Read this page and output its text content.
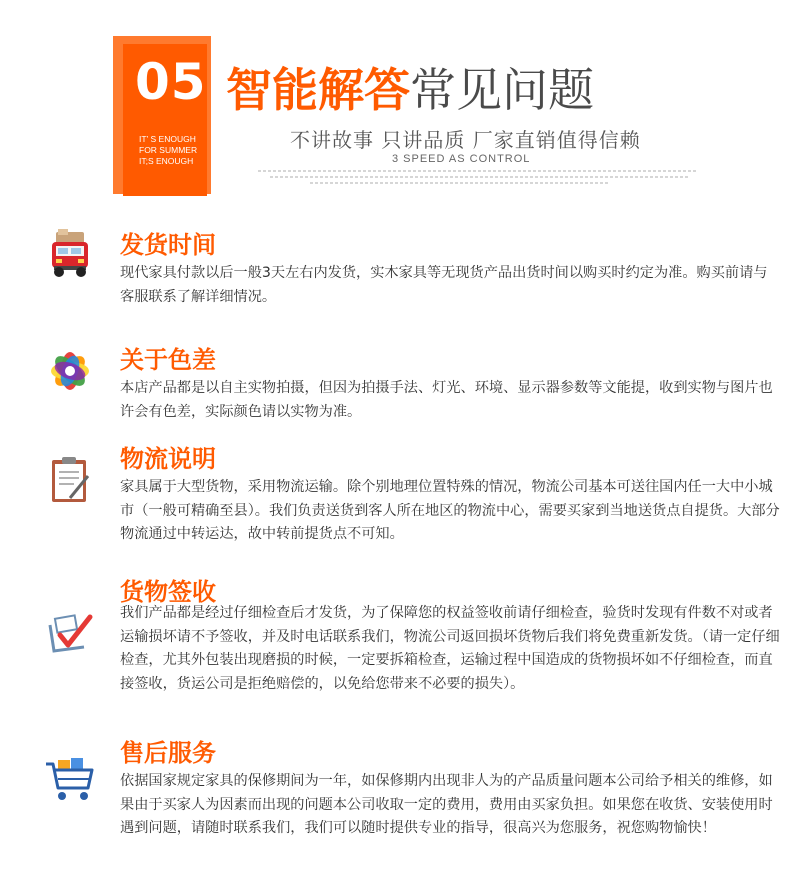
05
IT’ S ENOUGH
FOR SUMMER
IT;S ENOUGH
智能解答常见问题
不讲故事 只讲品质 厂家直销值得信赖
3 SPEED AS CONTROL
发货时间
现代家具付款以后一般3天左右内发货，实木家具等无现货产品出货时间以购买时约定为准。购买前请与客服联系了解详细情况。
关于色差
本店产品都是以自主实物拍摄，但因为拍摄手法、灯光、环境、显示器参数等文能提，收到实物与图片也许会有色差，实际颜色请以实物为准。
物流说明
家具属于大型货物，采用物流运输。除个别地理位置特殊的情况，物流公司基本可送往国内任一大中小城市（一般可精确至县）。我们负责送货到客人所在地区的物流中心，需要买家到当地送货点自提货。大部分物流通过中转运达，故中转前提货点不可知。
货物签收
我们产品都是经过仔细检查后才发货，为了保障您的权益签收前请仔细检查，验货时发现有件数不对或者运输损坏请不予签收，并及时电话联系我们，物流公司返回损坏货物后我们将免费重新发货。（请一定仔细检查，尤其外包装出现磨损的时候，一定要拆箱检查，运输过程中国造成的货物损坏如不仔细检查，而直接签收，货运公司是拒绝赔偿的，以免给您带来不必要的损失）。
售后服务
依据国家规定家具的保修期间为一年，如保修期内出现非人为的产品质量问题本公司给予相关的维修，如果由于买家人为因素而出现的问题本公司收取一定的费用，费用由买家负担。如果您在收货、安装使用时遇到问题，请随时联系我们，我们可以随时提供专业的指导，很高兴为您服务，祝您购物愉快！
